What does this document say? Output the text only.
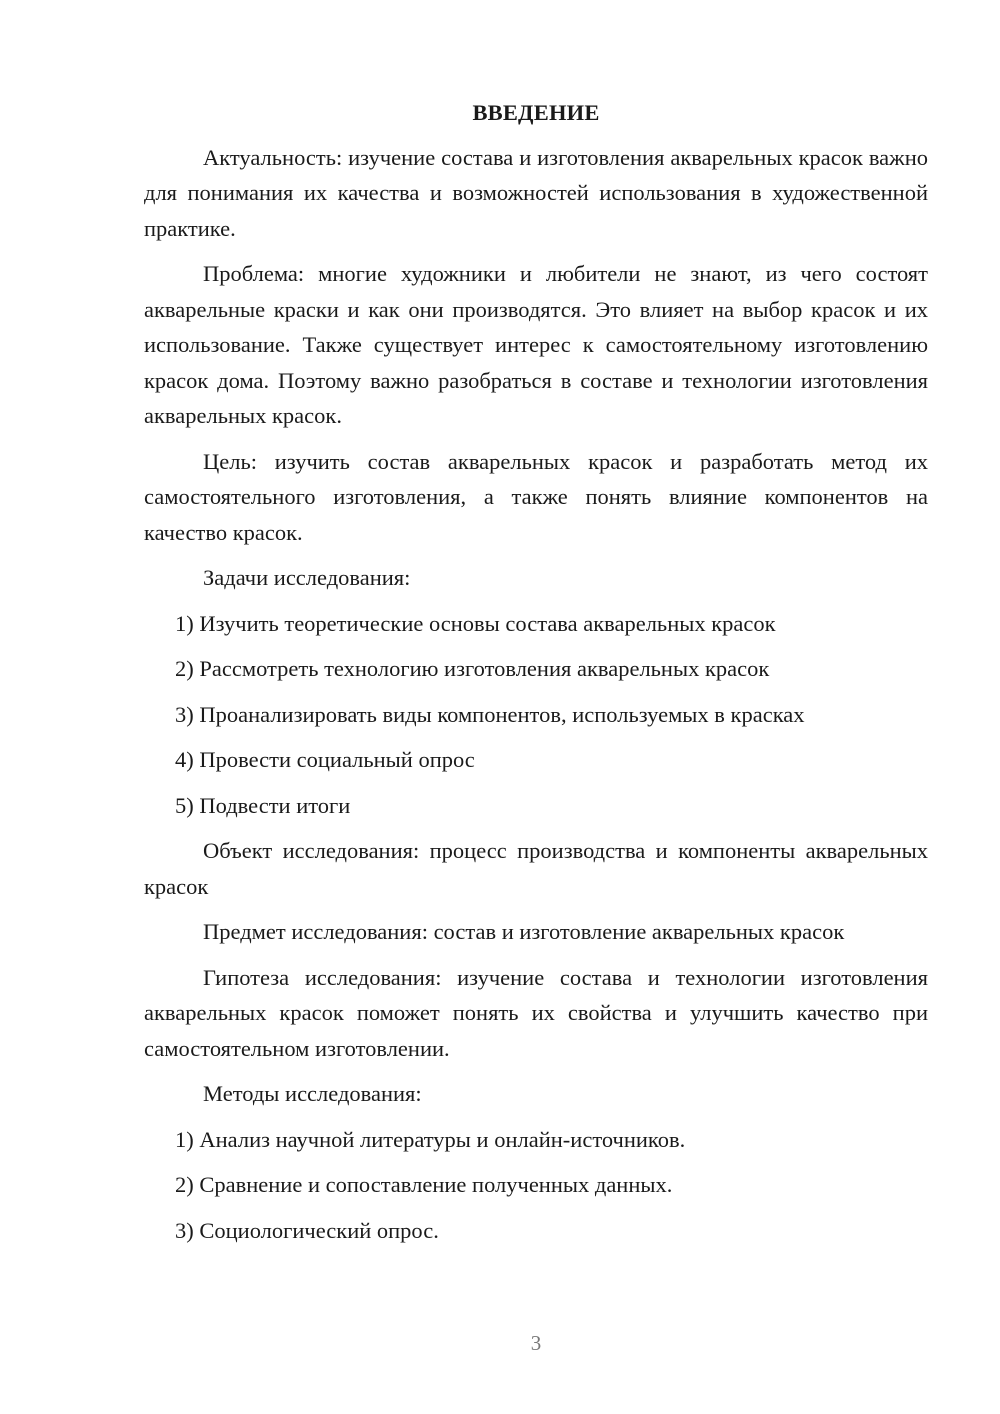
ВВЕДЕНИЕ

Актуальность: изучение состава и изготовления акварельных красок важно для понимания их качества и возможностей использования в художественной практике.

Проблема: многие художники и любители не знают, из чего состоят акварельные краски и как они производятся. Это влияет на выбор красок и их использование. Также существует интерес к самостоятельному изготовлению красок дома. Поэтому важно разобраться в составе и технологии изготовления акварельных красок.

Цель: изучить состав акварельных красок и разработать метод их самостоятельного изготовления, а также понять влияние компонентов на качество красок.

Задачи исследования:

1) Изучить теоретические основы состава акварельных красок

2) Рассмотреть технологию изготовления акварельных красок

3) Проанализировать виды компонентов, используемых в красках

4) Провести социальный опрос

5) Подвести итоги

Объект исследования: процесс производства и компоненты акварельных красок

Предмет исследования: состав и изготовление акварельных красок

Гипотеза исследования: изучение состава и технологии изготовления акварельных красок поможет понять их свойства и улучшить качество при самостоятельном изготовлении.

Методы исследования:

1) Анализ научной литературы и онлайн-источников.

2) Сравнение и сопоставление полученных данных.

3) Социологический опрос.

3
